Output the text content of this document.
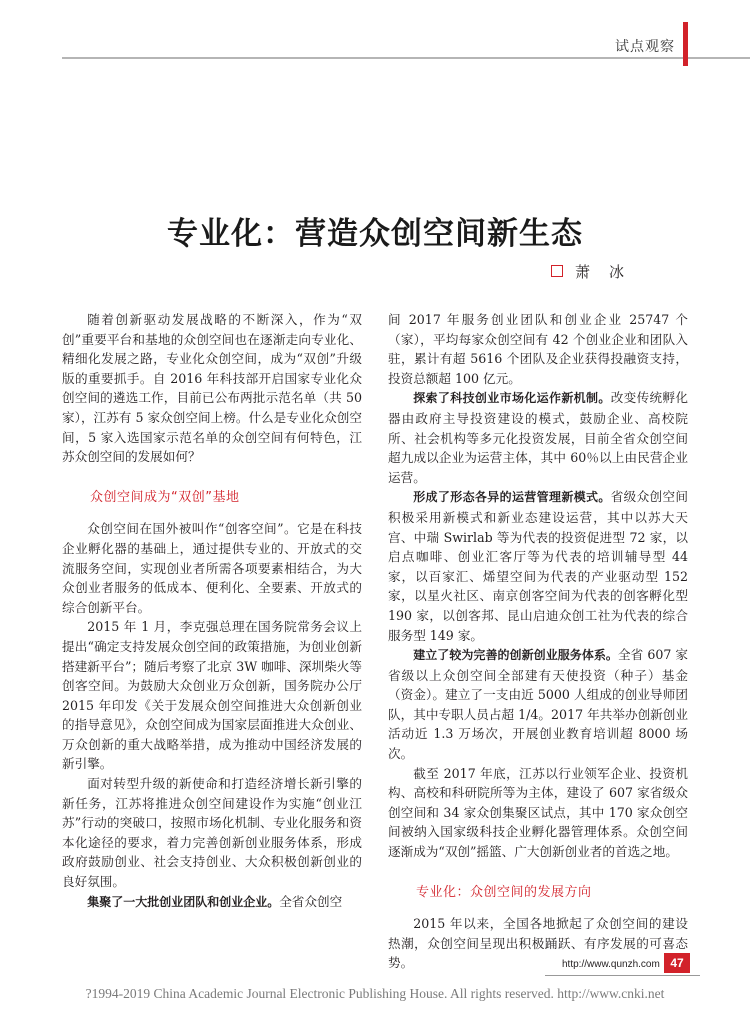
试点观察
专业化：营造众创空间新生态
萧　冰

随着创新驱动发展战略的不断深入，作为“双创”重要平台和基地的众创空间也在逐渐走向专业化、精细化发展之路，专业化众创空间，成为“双创”升级版的重要抓手。自 2016 年科技部开启国家专业化众创空间的遴选工作，目前已公布两批示范名单（共 50 家），江苏有 5 家众创空间上榜。什么是专业化众创空间，5 家入选国家示范名单的众创空间有何特色，江苏众创空间的发展如何？

众创空间成为“双创”基地

众创空间在国外被叫作“创客空间”。它是在科技企业孵化器的基础上，通过提供专业的、开放式的交流服务空间，实现创业者所需各项要素相结合，为大众创业者服务的低成本、便利化、全要素、开放式的综合创新平台。

2015 年 1 月，李克强总理在国务院常务会议上提出“确定支持发展众创空间的政策措施，为创业创新搭建新平台”；随后考察了北京 3W 咖啡、深圳柴火等创客空间。为鼓励大众创业万众创新，国务院办公厅 2015 年印发《关于发展众创空间推进大众创新创业的指导意见》，众创空间成为国家层面推进大众创业、万众创新的重大战略举措，成为推动中国经济发展的新引擎。

面对转型升级的新使命和打造经济增长新引擎的新任务，江苏将推进众创空间建设作为实施“创业江苏”行动的突破口，按照市场化机制、专业化服务和资本化途径的要求，着力完善创新创业服务体系，形成政府鼓励创业、社会支持创业、大众积极创新创业的良好氛围。

集聚了一大批创业团队和创业企业。全省众创空

间 2017 年服务创业团队和创业企业 25747 个（家），平均每家众创空间有 42 个创业企业和团队入驻，累计有超 5616 个团队及企业获得投融资支持，投资总额超 100 亿元。

探索了科技创业市场化运作新机制。改变传统孵化器由政府主导投资建设的模式，鼓励企业、高校院所、社会机构等多元化投资发展，目前全省众创空间超九成以企业为运营主体，其中 60％以上由民营企业运营。

形成了形态各异的运营管理新模式。省级众创空间积极采用新模式和新业态建设运营，其中以苏大天宫、中瑞 Swirlab 等为代表的投资促进型 72 家，以启点咖啡、创业汇客厅等为代表的培训辅导型 44 家，以百家汇、烯望空间为代表的产业驱动型 152 家，以星火社区、南京创客空间为代表的创客孵化型 190 家，以创客邦、昆山启迪众创工社为代表的综合服务型 149 家。

建立了较为完善的创新创业服务体系。全省 607 家省级以上众创空间全部建有天使投资（种子）基金（资金）。建立了一支由近 5000 人组成的创业导师团队，其中专职人员占超 1/4。2017 年共举办创新创业活动近 1.3 万场次，开展创业教育培训超 8000 场次。

截至 2017 年底，江苏以行业领军企业、投资机构、高校和科研院所等为主体，建设了 607 家省级众创空间和 34 家众创集聚区试点，其中 170 家众创空间被纳入国家级科技企业孵化器管理体系。众创空间逐渐成为“双创”摇篮、广大创新创业者的首选之地。

专业化：众创空间的发展方向

2015 年以来，全国各地掀起了众创空间的建设热潮，众创空间呈现出积极踊跃、有序发展的可喜态势。	http://www.qunzh.com 47
?1994-2019 China Academic Journal Electronic Publishing House. All rights reserved. http://www.cnki.net
